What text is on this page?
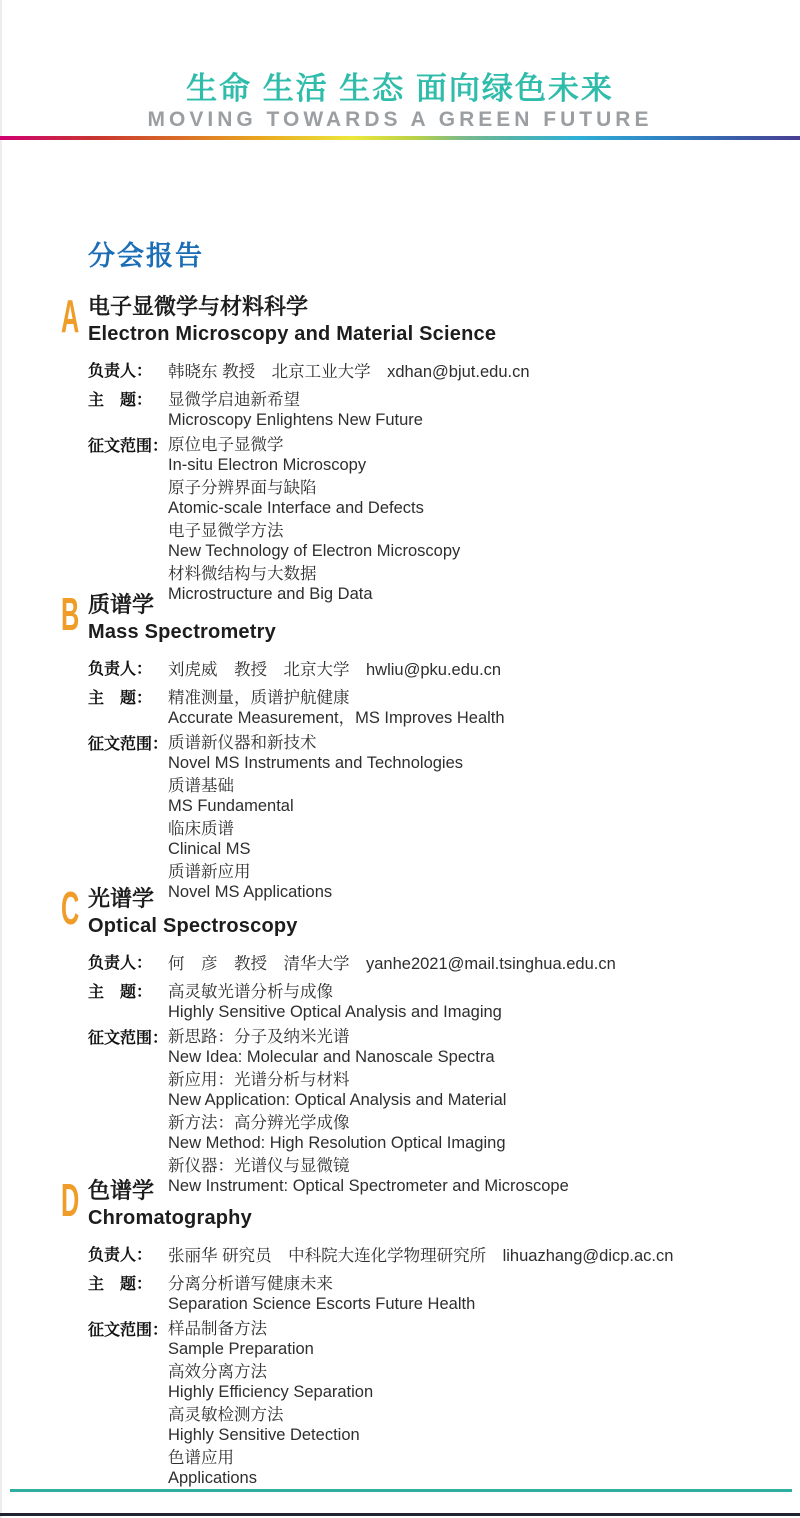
生命 生活 生态 面向绿色未来
MOVING TOWARDS A GREEN FUTURE
分会报告
A 电子显微学与材料科学
Electron Microscopy and Material Science
负责人： 韩晓东 教授　北京工业大学　xdhan@bjut.edu.cn
主　题： 显微学启迪新希望
Microscopy Enlightens New Future
征文范围： 原位电子显微学
In-situ Electron Microscopy
原子分辨界面与缺陷
Atomic-scale Interface and Defects
电子显微学方法
New Technology of Electron Microscopy
材料微结构与大数据
Microstructure and Big Data
B 质谱学
Mass Spectrometry
负责人： 刘虎威　教授　北京大学　hwliu@pku.edu.cn
主　题： 精准测量，质谱护航健康
Accurate Measurement，MS Improves Health
征文范围： 质谱新仪器和新技术
Novel MS Instruments and Technologies
质谱基础
MS Fundamental
临床质谱
Clinical MS
质谱新应用
Novel MS Applications
C 光谱学
Optical Spectroscopy
负责人： 何　彦　教授　清华大学　yanhe2021@mail.tsinghua.edu.cn
主　题： 高灵敏光谱分析与成像
Highly Sensitive Optical Analysis and Imaging
征文范围： 新思路：分子及纳米光谱
New Idea: Molecular and Nanoscale Spectra
新应用：光谱分析与材料
New Application: Optical Analysis and Material
新方法：高分辨光学成像
New Method: High Resolution Optical Imaging
新仪器：光谱仪与显微镜
New Instrument: Optical Spectrometer and Microscope
D 色谱学
Chromatography
负责人： 张丽华 研究员　中科院大连化学物理研究所　lihuazhang@dicp.ac.cn
主　题： 分离分析谱写健康未来
Separation Science Escorts Future Health
征文范围： 样品制备方法
Sample Preparation
高效分离方法
Highly Efficiency Separation
高灵敏检测方法
Highly Sensitive Detection
色谱应用
Applications
